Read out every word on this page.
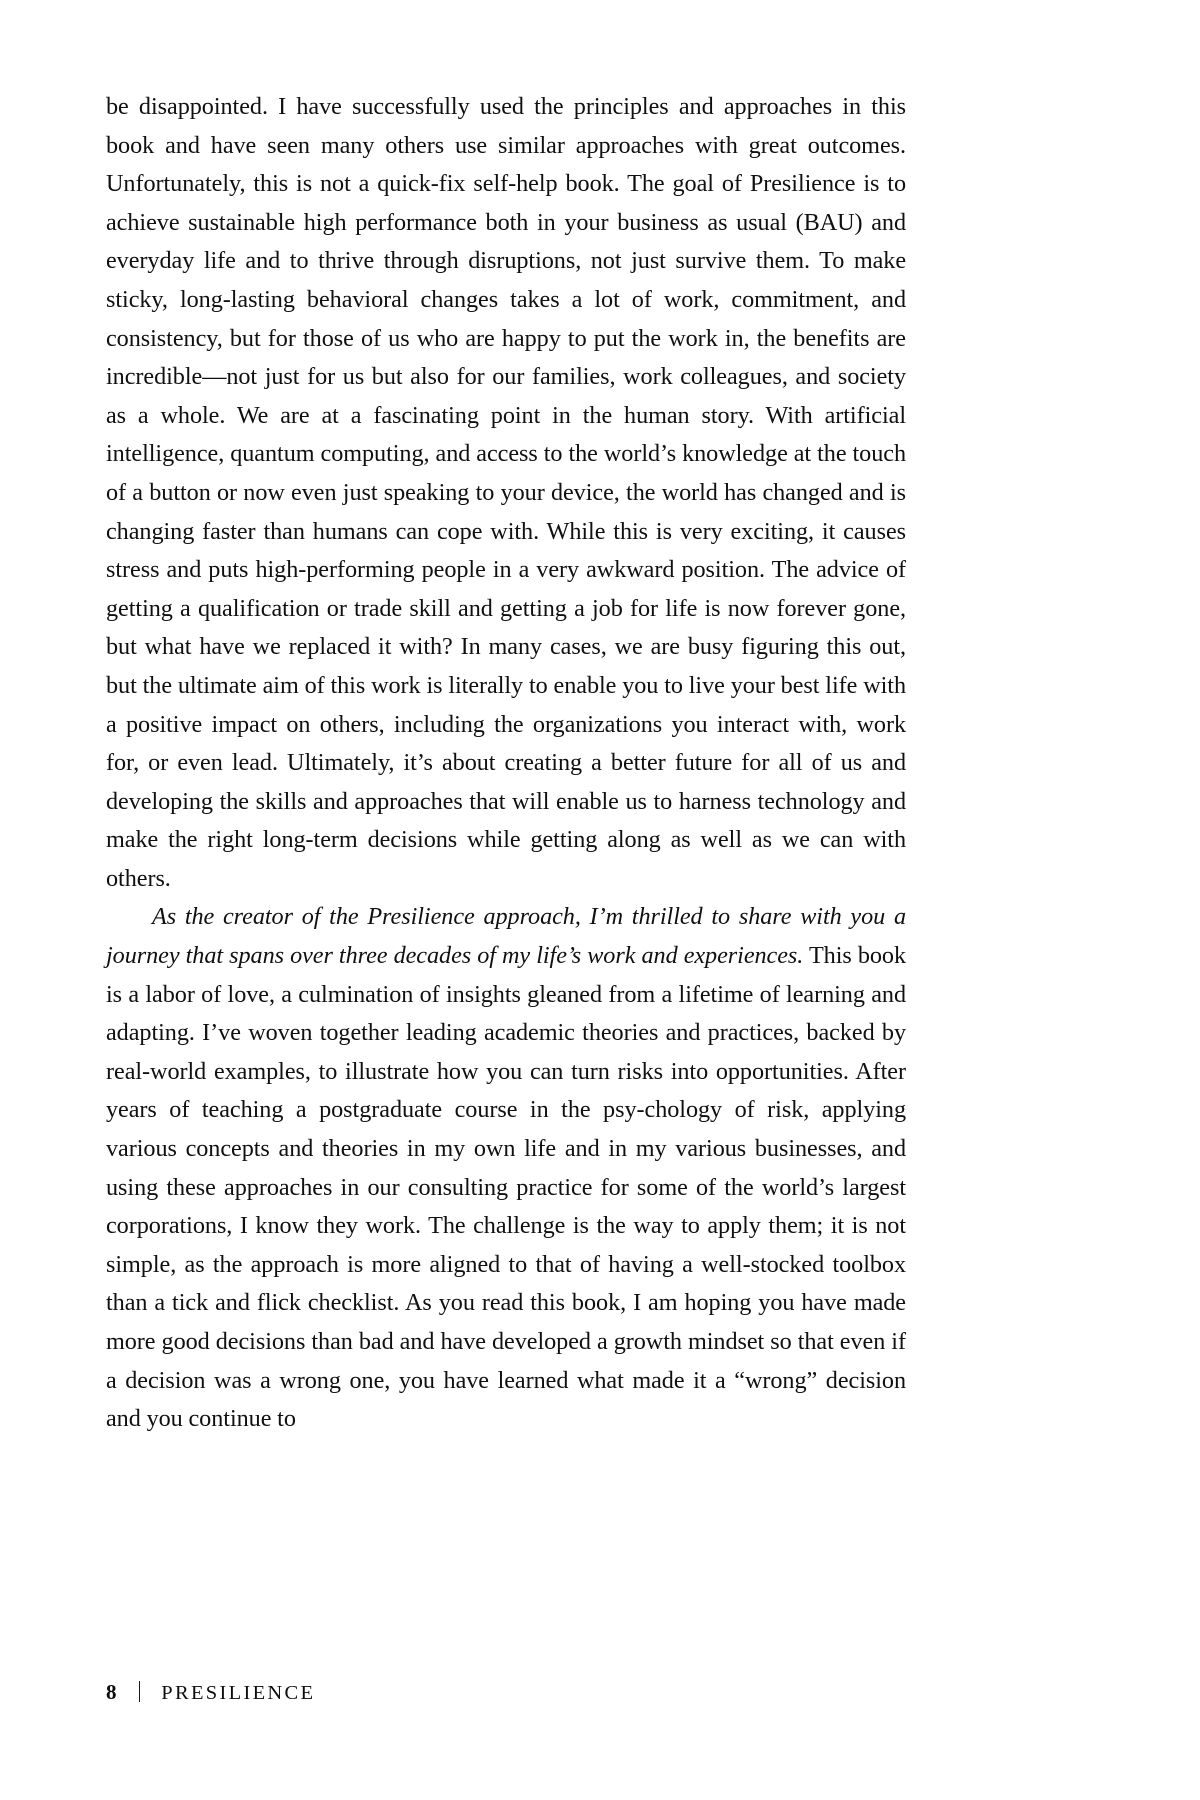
be disappointed. I have successfully used the principles and approaches in this book and have seen many others use similar approaches with great outcomes. Unfortunately, this is not a quick-fix self-help book. The goal of Presilience is to achieve sustainable high performance both in your business as usual (BAU) and everyday life and to thrive through disruptions, not just survive them. To make sticky, long-lasting behavioral changes takes a lot of work, commitment, and consistency, but for those of us who are happy to put the work in, the benefits are incredible—not just for us but also for our families, work colleagues, and society as a whole. We are at a fascinating point in the human story. With artificial intelligence, quantum computing, and access to the world’s knowledge at the touch of a button or now even just speaking to your device, the world has changed and is changing faster than humans can cope with. While this is very exciting, it causes stress and puts high-performing people in a very awkward position. The advice of getting a qualification or trade skill and getting a job for life is now forever gone, but what have we replaced it with? In many cases, we are busy figuring this out, but the ultimate aim of this work is literally to enable you to live your best life with a positive impact on others, including the organizations you interact with, work for, or even lead. Ultimately, it’s about creating a better future for all of us and developing the skills and approaches that will enable us to harness technology and make the right long-term decisions while getting along as well as we can with others.

As the creator of the Presilience approach, I’m thrilled to share with you a journey that spans over three decades of my life’s work and experiences. This book is a labor of love, a culmination of insights gleaned from a lifetime of learning and adapting. I’ve woven together leading academic theories and practices, backed by real-world examples, to illustrate how you can turn risks into opportunities. After years of teaching a postgraduate course in the psy-chology of risk, applying various concepts and theories in my own life and in my various businesses, and using these approaches in our consulting practice for some of the world’s largest corporations, I know they work. The challenge is the way to apply them; it is not simple, as the approach is more aligned to that of having a well-stocked toolbox than a tick and flick checklist. As you read this book, I am hoping you have made more good decisions than bad and have developed a growth mindset so that even if a decision was a wrong one, you have learned what made it a “wrong” decision and you continue to

8 PRESILIENCE
